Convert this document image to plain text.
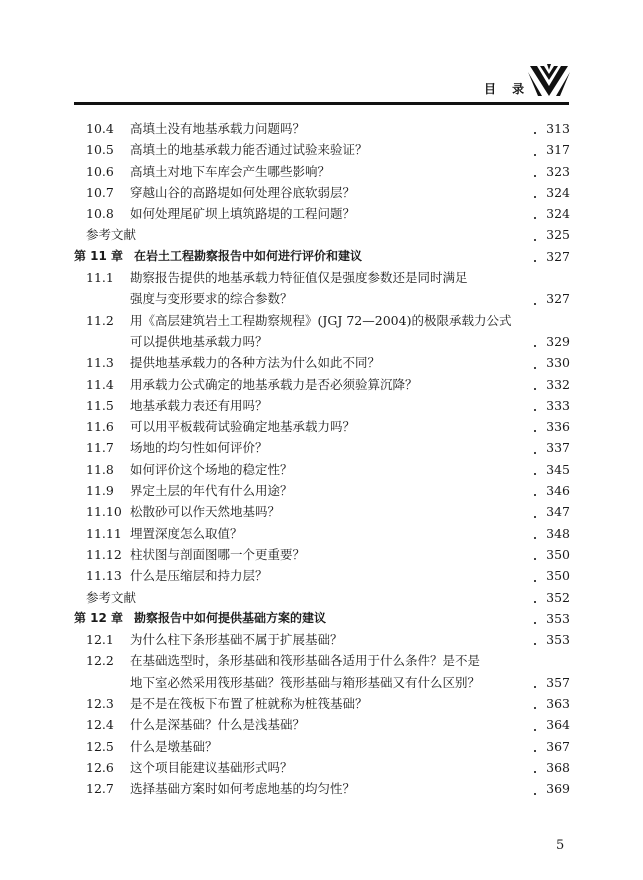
目 录
10.4	高填土没有地基承载力问题吗？	313
10.5	高填土的地基承载力能否通过试验来验证？	317
10.6	高填土对地下车库会产生哪些影响？	323
10.7	穿越山谷的高路堤如何处理谷底软弱层？	324
10.8	如何处理尾矿坝上填筑路堤的工程问题？	324
参考文献	325
第 11 章 在岩土工程勘察报告中如何进行评价和建议	327
11.1	勘察报告提供的地基承载力特征值仅是强度参数还是同时满足
强度与变形要求的综合参数？	327
11.2	用《高层建筑岩土工程勘察规程》(JGJ 72—2004)的极限承载力公式
可以提供地基承载力吗？	329
11.3	提供地基承载力的各种方法为什么如此不同？	330
11.4	用承载力公式确定的地基承载力是否必须验算沉降？	332
11.5	地基承载力表还有用吗？	333
11.6	可以用平板载荷试验确定地基承载力吗？	336
11.7	场地的均匀性如何评价？	337
11.8	如何评价这个场地的稳定性？	345
11.9	界定土层的年代有什么用途？	346
11.10 松散砂可以作天然地基吗？	347
11.11 埋置深度怎么取值？	348
11.12 柱状图与剖面图哪一个更重要？	350
11.13 什么是压缩层和持力层？	350
参考文献	352
第 12 章 勘察报告中如何提供基础方案的建议	353
12.1	为什么柱下条形基础不属于扩展基础？	353
12.2	在基础选型时，条形基础和筏形基础各适用于什么条件？是不是
地下室必然采用筏形基础？筏形基础与箱形基础又有什么区别？	357
12.3	是不是在筏板下布置了桩就称为桩筏基础？	363
12.4	什么是深基础？什么是浅基础？	364
12.5	什么是墩基础？	367
12.6	这个项目能建议基础形式吗？	368
12.7	选择基础方案时如何考虑地基的均匀性？	369
5
